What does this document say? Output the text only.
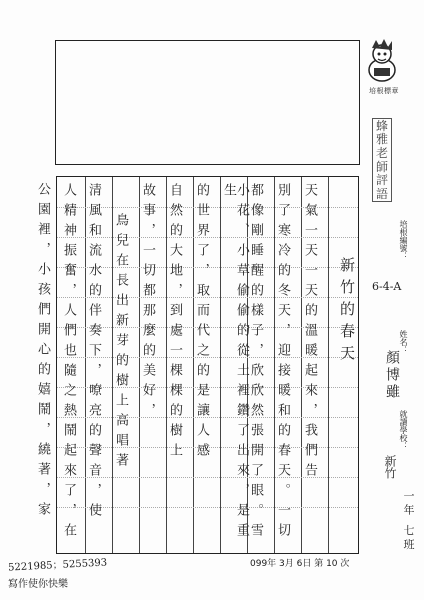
培根標章
蜂
雅
老
師
評
語
培根編號：
6-4-A
姓名：
顏博雖
就讀學校：
新竹
一年 七班
新竹的春天
天氣一天一天的溫暖起來，我們告
別了寒冷的冬天，迎接暖和的春天。一切
都像剛睡醒的樣子，欣欣然張開了眼。雪
小花、小草偷偷的從土裡鑽了出來，是重生
的世界了，取而代之的是讓人感
自然的大地，到處一棵棵的樹上
故事，一切都那麼的美好，
鳥兒在長出新芽的樹上高唱著
清風和流水的伴奏下，嘹亮的聲音，使
人精神振奮，人們也隨之熱鬧起來了，在
公園裡，小孩們開心的嬉鬧，繞著，家
099年 3月 6日 第 10 次
5221985；5255393
寫作使你快樂
